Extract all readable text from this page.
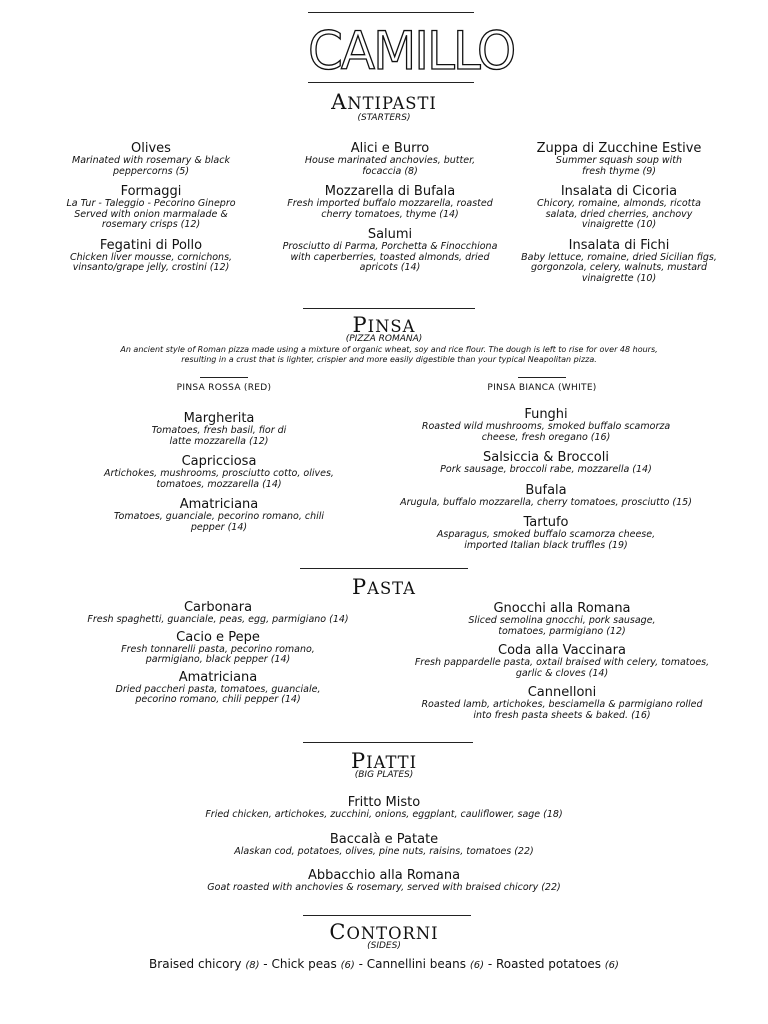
CAMILLO
ANTIPASTI
(STARTERS)
Olives
Marinated with rosemary & black peppercorns (5)
Formaggi
La Tur - Taleggio - Pecorino Ginepro Served with onion marmalade & rosemary crisps (12)
Fegatini di Pollo
Chicken liver mousse, cornichons, vinsanto/grape jelly, crostini (12)
Alici e Burro
House marinated anchovies, butter, focaccia (8)
Mozzarella di Bufala
Fresh imported buffalo mozzarella, roasted cherry tomatoes, thyme (14)
Salumi
Prosciutto di Parma, Porchetta & Finocchiona with caperberries, toasted almonds, dried apricots (14)
Zuppa di Zucchine Estive
Summer squash soup with fresh thyme (9)
Insalata di Cicoria
Chicory, romaine, almonds, ricotta salata, dried cherries, anchovy vinaigrette (10)
Insalata di Fichi
Baby lettuce, romaine, dried Sicilian figs, gorgonzola, celery, walnuts, mustard vinaigrette (10)
PINSA
(PIZZA ROMANA)
An ancient style of Roman pizza made using a mixture of organic wheat, soy and rice flour. The dough is left to rise for over 48 hours, resulting in a crust that is lighter, crispier and more easily digestible than your typical Neapolitan pizza.
PINSA ROSSA (RED)	PINSA BIANCA (WHITE)
Margherita
Tomatoes, fresh basil, fior di latte mozzarella (12)
Capricciosa
Artichokes, mushrooms, prosciutto cotto, olives, tomatoes, mozzarella (14)
Amatriciana
Tomatoes, guanciale, pecorino romano, chili pepper (14)
Funghi
Roasted wild mushrooms, smoked buffalo scamorza cheese, fresh oregano (16)
Salsiccia & Broccoli
Pork sausage, broccoli rabe, mozzarella (14)
Bufala
Arugula, buffalo mozzarella, cherry tomatoes, prosciutto (15)
Tartufo
Asparagus, smoked buffalo scamorza cheese, imported Italian black truffles (19)
PASTA
Carbonara
Fresh spaghetti, guanciale, peas, egg, parmigiano (14)
Cacio e Pepe
Fresh tonnarelli pasta, pecorino romano, parmigiano, black pepper (14)
Amatriciana
Dried paccheri pasta, tomatoes, guanciale, pecorino romano, chili pepper (14)
Gnocchi alla Romana
Sliced semolina gnocchi, pork sausage, tomatoes, parmigiano (12)
Coda alla Vaccinara
Fresh pappardelle pasta, oxtail braised with celery, tomatoes, garlic & cloves (14)
Cannelloni
Roasted lamb, artichokes, besciamella & parmigiano rolled into fresh pasta sheets & baked. (16)
PIATTI
(BIG PLATES)
Fritto Misto
Fried chicken, artichokes, zucchini, onions, eggplant, cauliflower, sage (18)
Baccalà e Patate
Alaskan cod, potatoes, olives, pine nuts, raisins, tomatoes (22)
Abbacchio alla Romana
Goat roasted with anchovies & rosemary, served with braised chicory (22)
CONTORNI
(SIDES)
Braised chicory (8) - Chick peas (6) - Cannellini beans (6) - Roasted potatoes (6)
